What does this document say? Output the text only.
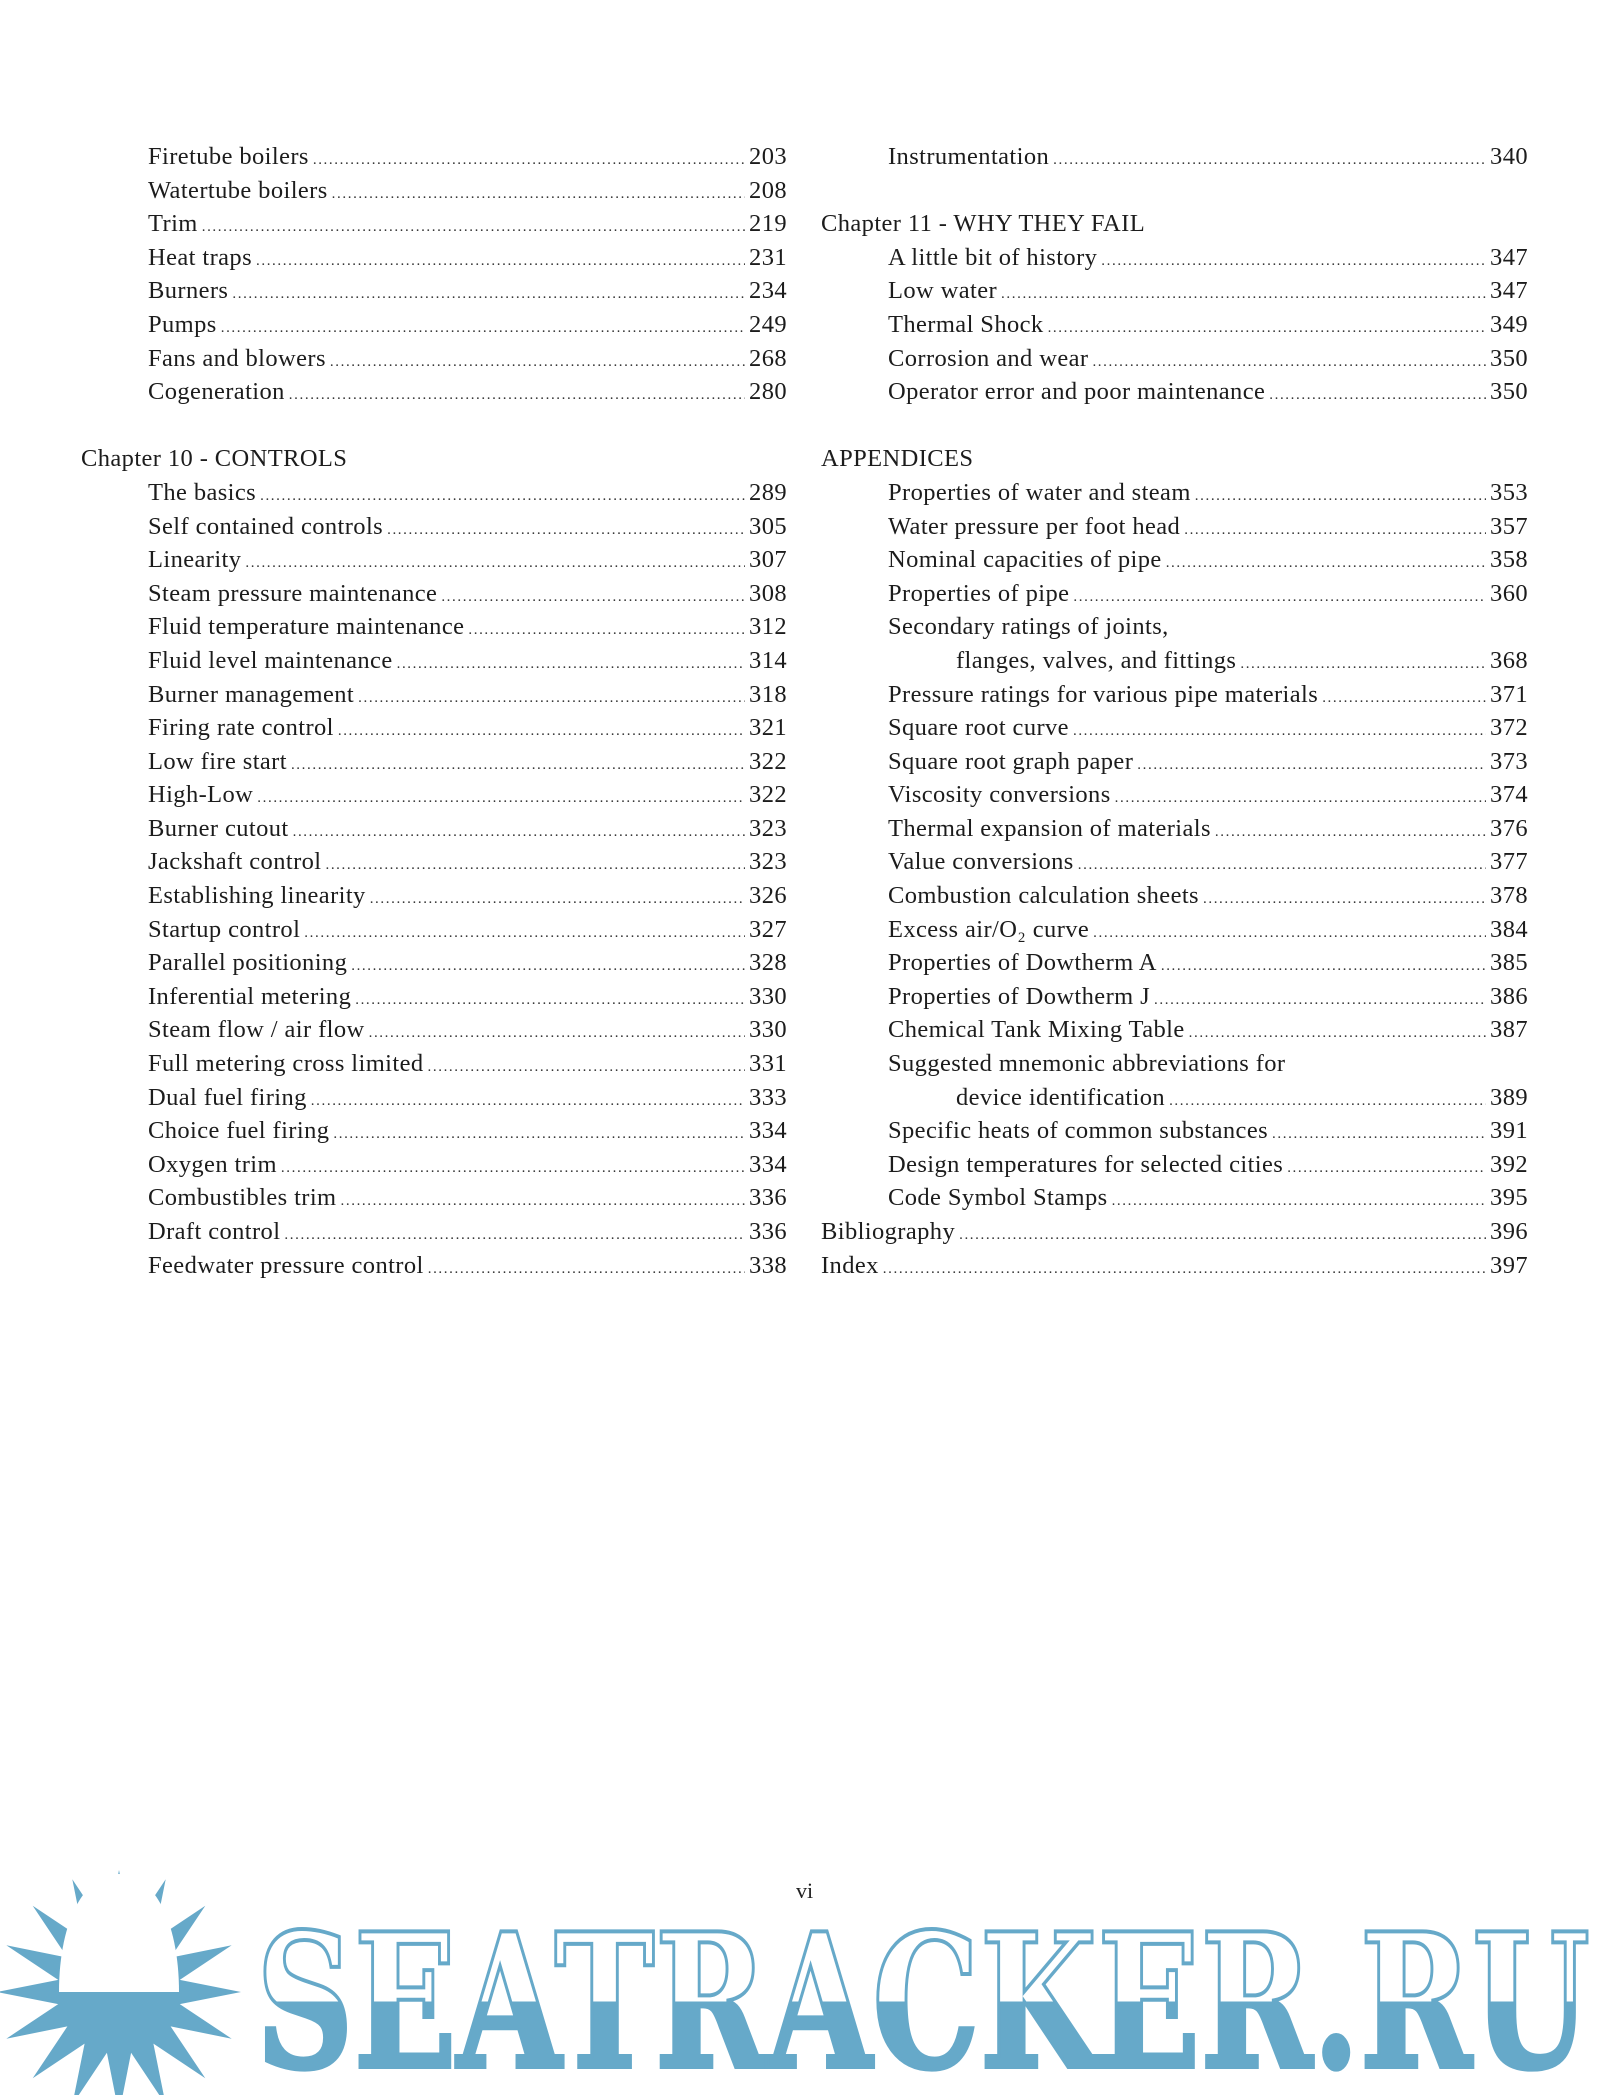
Firetube boilers .....	203
Watertube boilers .....	208
Trim .....	219
Heat traps .....	231
Burners .....	234
Pumps .....	249
Fans and blowers .....	268
Cogeneration .....	280
Chapter 10 - CONTROLS
The basics .....	289
Self contained controls .....	305
Linearity .....	307
Steam pressure maintenance .....	308
Fluid temperature maintenance .....	312
Fluid level maintenance .....	314
Burner management .....	318
Firing rate control .....	321
Low fire start .....	322
High-Low .....	322
Burner cutout .....	323
Jackshaft control .....	323
Establishing linearity .....	326
Startup control .....	327
Parallel positioning .....	328
Inferential metering .....	330
Steam flow / air flow .....	330
Full metering cross limited .....	331
Dual fuel firing .....	333
Choice fuel firing .....	334
Oxygen trim .....	334
Combustibles trim .....	336
Draft control .....	336
Feedwater pressure control .....	338
Instrumentation .....	340
Chapter 11 - WHY THEY FAIL
A little bit of history .....	347
Low water .....	347
Thermal Shock .....	349
Corrosion and wear .....	350
Operator error and poor maintenance .....	350
APPENDICES
Properties of water and steam .....	353
Water pressure per foot head .....	357
Nominal capacities of pipe .....	358
Properties of pipe .....	360
Secondary ratings of joints,
flanges, valves, and fittings .....	368
Pressure ratings for various pipe materials .....	371
Square root curve .....	372
Square root graph paper .....	373
Viscosity conversions .....	374
Thermal expansion of materials .....	376
Value conversions .....	377
Combustion calculation sheets .....	378
Excess air/O₂ curve .....	384
Properties of Dowtherm A .....	385
Properties of Dowtherm J .....	386
Chemical Tank Mixing Table .....	387
Suggested mnemonic abbreviations for
device identification .....	389
Specific heats of common substances .....	391
Design temperatures for selected cities .....	392
Code Symbol Stamps .....	395
Bibliography .....	396
Index .....	397
SEATRACKER.RU
vi
